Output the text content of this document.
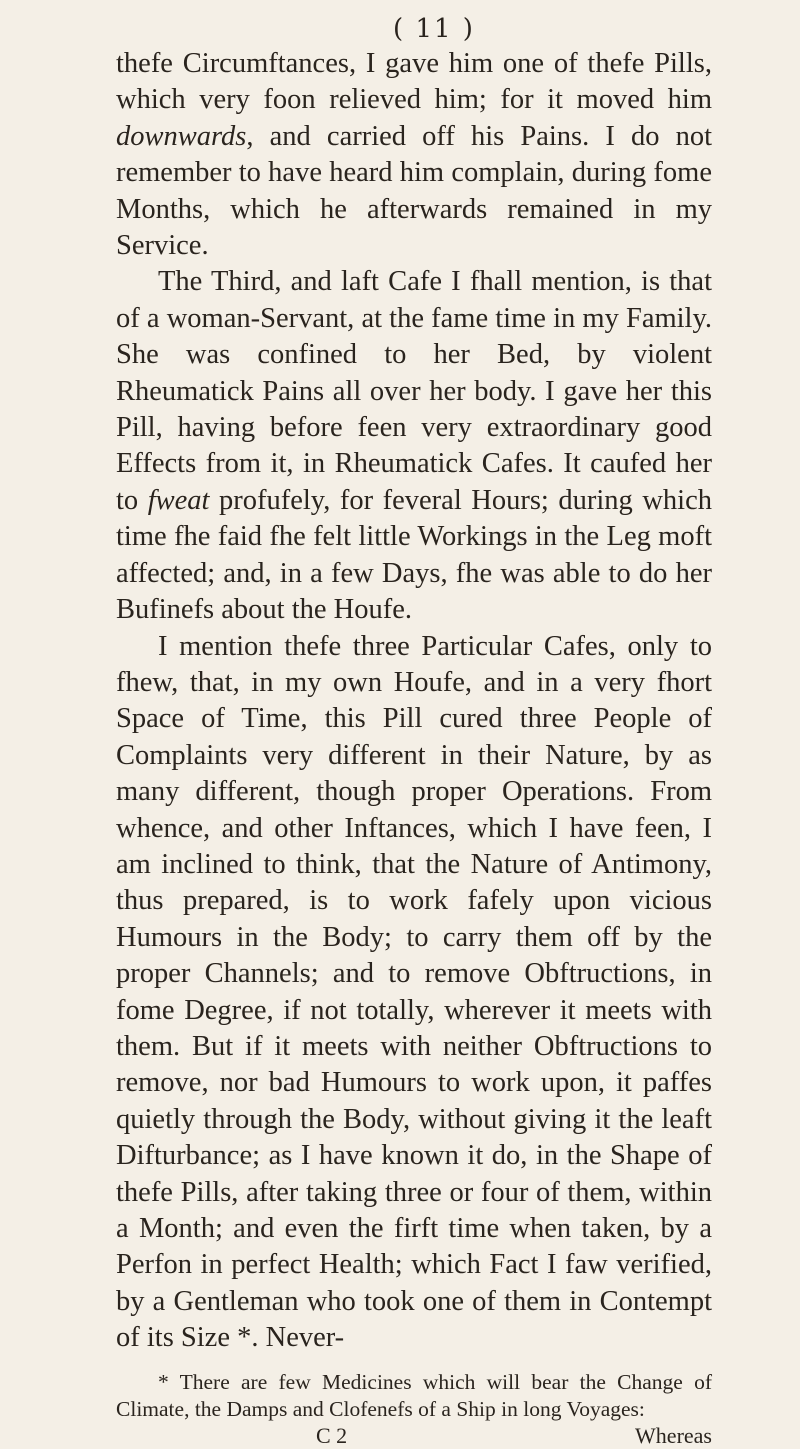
( 11 )

thefe Circumftances, I gave him one of thefe Pills, which very foon relieved him; for it moved him downwards, and carried off his Pains. I do not remember to have heard him complain, during fome Months, which he afterwards remained in my Service.

The Third, and laft Cafe I fhall mention, is that of a woman-Servant, at the fame time in my Family. She was confined to her Bed, by violent Rheumatick Pains all over her body. I gave her this Pill, having before feen very extraordinary good Effects from it, in Rheumatick Cafes. It caufed her to fweat profufely, for feveral Hours; during which time fhe faid fhe felt little Workings in the Leg moft affected; and, in a few Days, fhe was able to do her Bufinefs about the Houfe.

I mention thefe three Particular Cafes, only to fhew, that, in my own Houfe, and in a very fhort Space of Time, this Pill cured three People of Complaints very different in their Nature, by as many different, though proper Operations. From whence, and other Inftances, which I have feen, I am inclined to think, that the Nature of Antimony, thus prepared, is to work fafely upon vicious Humours in the Body; to carry them off by the proper Channels; and to remove Obftructions, in fome Degree, if not totally, wherever it meets with them. But if it meets with neither Obftructions to remove, nor bad Humours to work upon, it paffes quietly through the Body, without giving it the leaft Difturbance; as I have known it do, in the Shape of thefe Pills, after taking three or four of them, within a Month; and even the firft time when taken, by a Perfon in perfect Health; which Fact I faw verified, by a Gentleman who took one of them in Contempt of its Size *. Never-

* There are few Medicines which will bear the Change of Climate, the Damps and Clofenefs of a Ship in long Voyages:
C 2	Whereas
